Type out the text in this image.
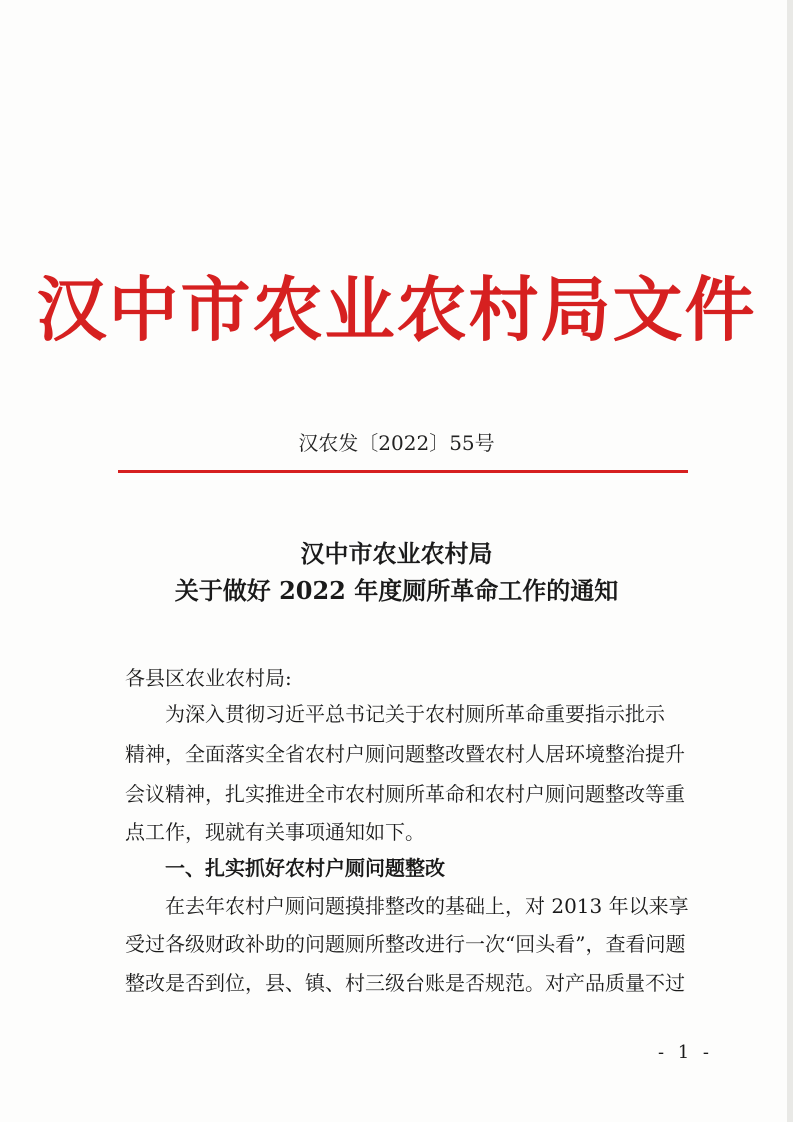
汉中市农业农村局文件
汉农发〔2022〕55号
汉中市农业农村局
关于做好 2022 年度厕所革命工作的通知
各县区农业农村局:
为深入贯彻习近平总书记关于农村厕所革命重要指示批示
精神，全面落实全省农村户厕问题整改暨农村人居环境整治提升
会议精神，扎实推进全市农村厕所革命和农村户厕问题整改等重
点工作，现就有关事项通知如下。
一、扎实抓好农村户厕问题整改
在去年农村户厕问题摸排整改的基础上，对 2013 年以来享
受过各级财政补助的问题厕所整改进行一次“回头看”，查看问题
整改是否到位，县、镇、村三级台账是否规范。对产品质量不过
- 1 -
